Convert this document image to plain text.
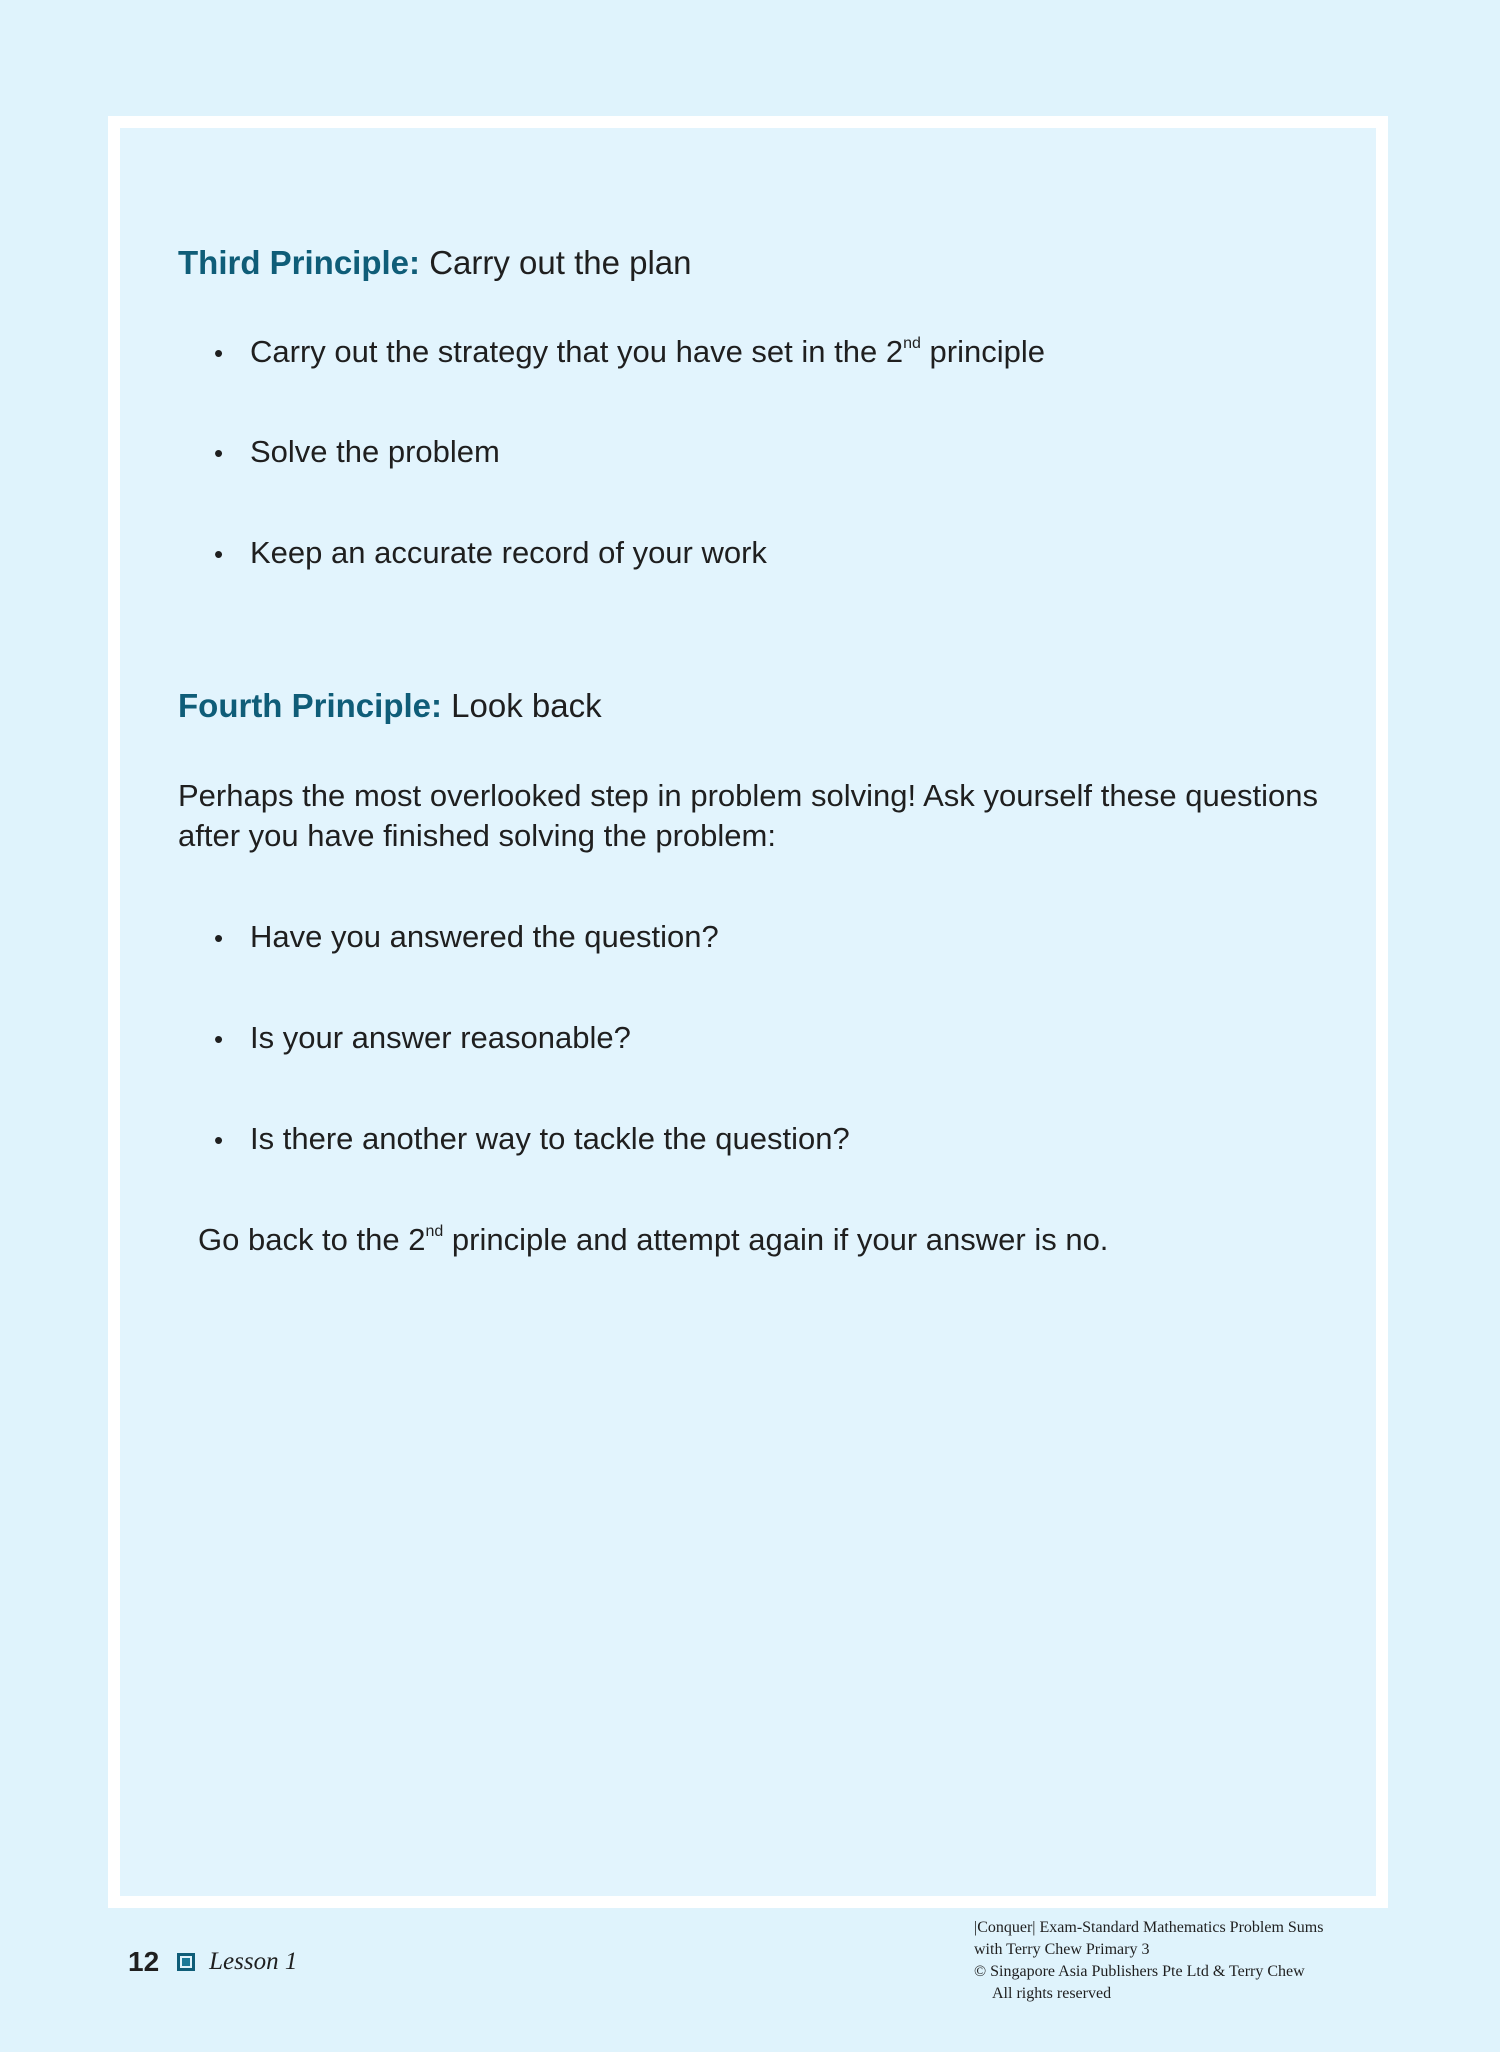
Third Principle: Carry out the plan
• Carry out the strategy that you have set in the 2nd principle
• Solve the problem
• Keep an accurate record of your work
Fourth Principle: Look back
Perhaps the most overlooked step in problem solving! Ask yourself these questions after you have finished solving the problem:
• Have you answered the question?
• Is your answer reasonable?
• Is there another way to tackle the question?
Go back to the 2nd principle and attempt again if your answer is no.
12 Lesson 1
|Conquer| Exam-Standard Mathematics Problem Sums
with Terry Chew Primary 3
© Singapore Asia Publishers Pte Ltd & Terry Chew
All rights reserved
